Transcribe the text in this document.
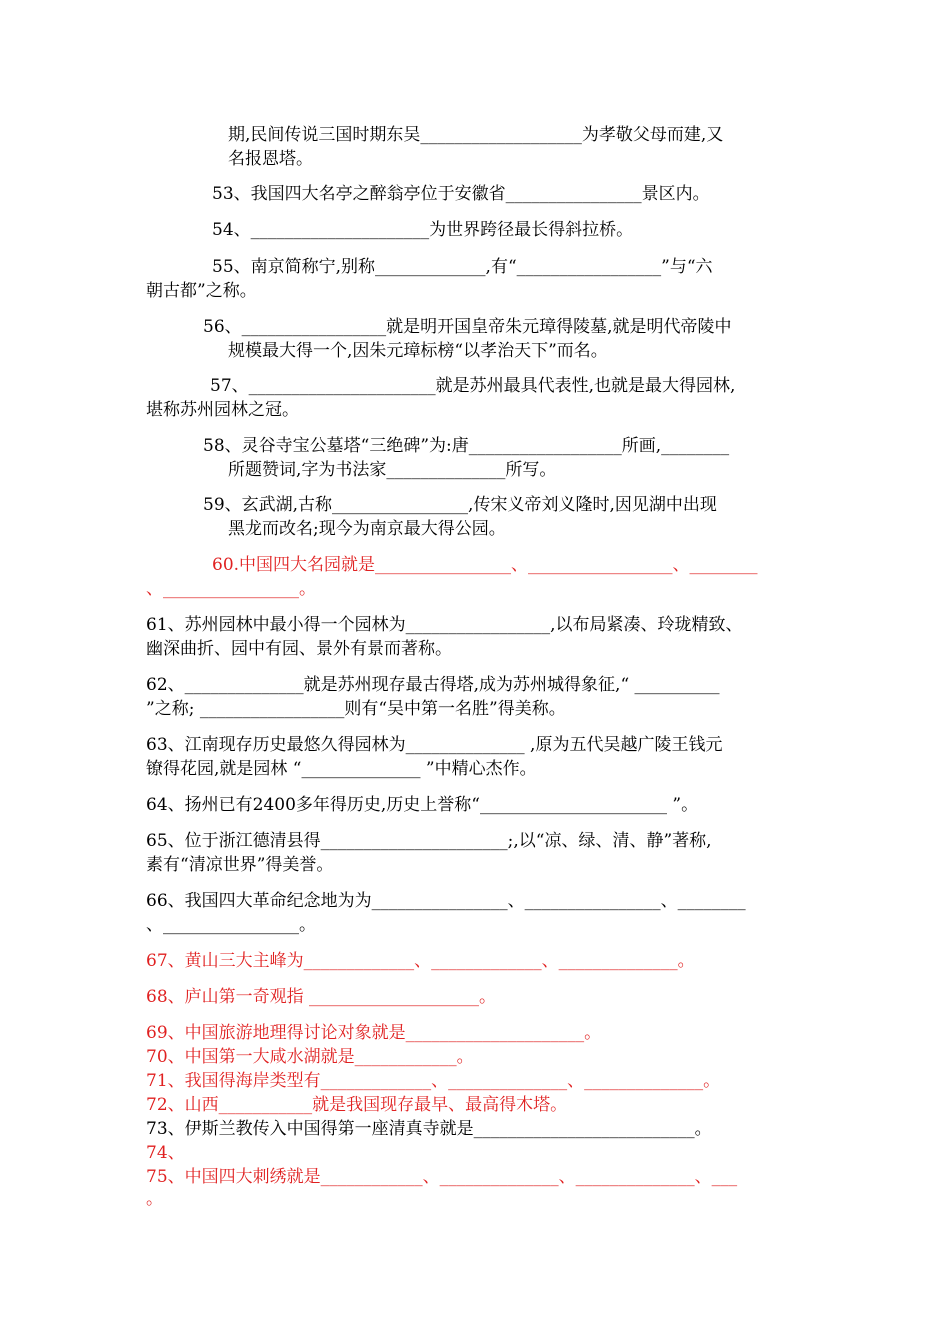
期,民间传说三国时期东吴___________________为孝敬父母而建,又
名报恩塔。
53、我国四大名亭之醉翁亭位于安徽省________________景区内。
54、_____________________为世界跨径最长得斜拉桥。
55、南京简称宁,别称_____________,有“_________________”与“六
朝古都”之称。
56、_________________就是明开国皇帝朱元璋得陵墓,就是明代帝陵中
规模最大得一个,因朱元璋标榜“以孝治天下”而名。
57、______________________就是苏州最具代表性,也就是最大得园林,
堪称苏州园林之冠。
58、灵谷寺宝公墓塔“三绝碑”为:唐__________________所画,________
所题赞词,字为书法家______________所写。
59、玄武湖,古称________________,传宋义帝刘义隆时,因见湖中出现
黑龙而改名;现今为南京最大得公园。
60.中国四大名园就是________________、_________________、________
、________________。
61、苏州园林中最小得一个园林为_________________,以布局紧凑、玲珑精致、
幽深曲折、园中有园、景外有景而著称。
62、______________就是苏州现存最古得塔,成为苏州城得象征,“ __________
”之称; _________________则有“吴中第一名胜”得美称。
63、江南现存历史最悠久得园林为______________ ,原为五代吴越广陵王钱元
镣得花园,就是园林 “______________ ”中精心杰作。
64、扬州已有2400多年得历史,历史上誉称“______________________ ”。
65、位于浙江德清县得______________________;,以“凉、绿、清、静”著称,
素有“清凉世界”得美誉。
66、我国四大革命纪念地为为________________、________________、________
、________________。
67、黄山三大主峰为_____________、_____________、______________。
68、庐山第一奇观指 ____________________。
69、中国旅游地理得讨论对象就是_____________________。
70、中国第一大咸水湖就是____________。
71、我国得海岸类型有_____________、______________、______________。
72、山西___________就是我国现存最早、最高得木塔。
73、伊斯兰教传入中国得第一座清真寺就是__________________________。
74、
75、中国四大刺绣就是____________、______________、______________、___
。
